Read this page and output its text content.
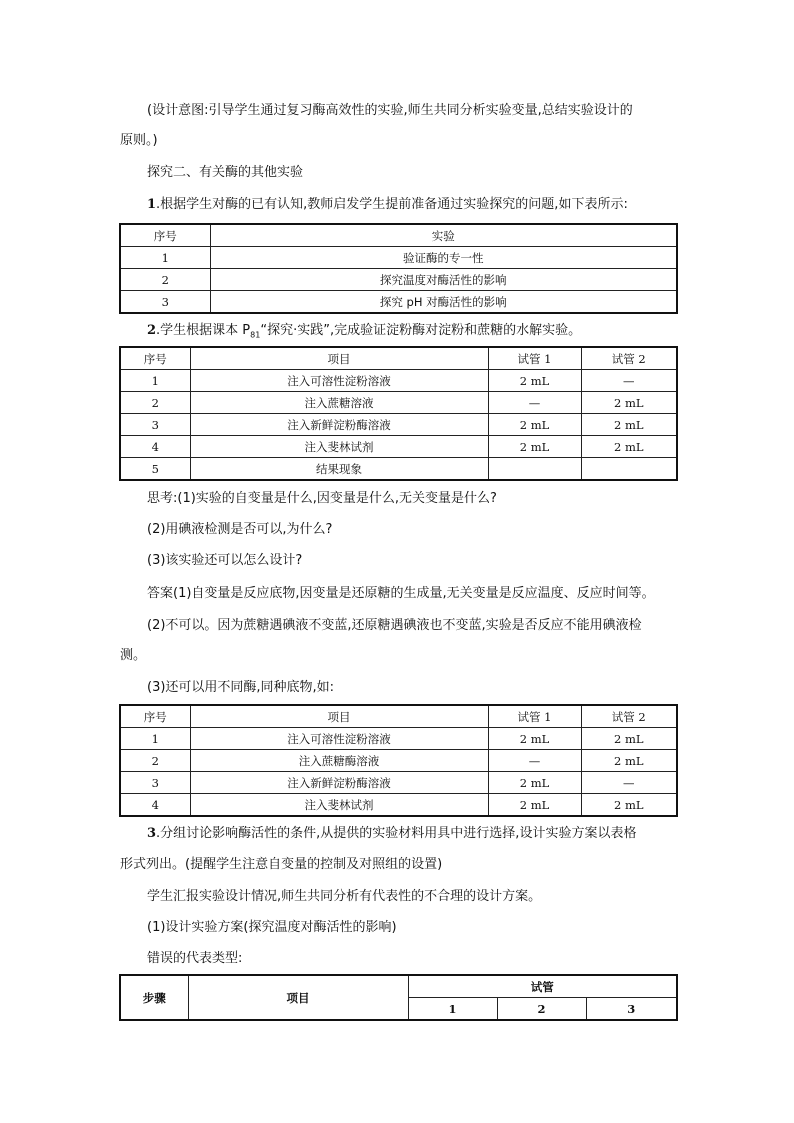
(设计意图:引导学生通过复习酶高效性的实验,师生共同分析实验变量,总结实验设计的
原则。)
探究二、有关酶的其他实验
1.根据学生对酶的已有认知,教师启发学生提前准备通过实验探究的问题,如下表所示:
序号	实验
1	验证酶的专一性
2	探究温度对酶活性的影响
3	探究 pH 对酶活性的影响
2.学生根据课本 $P_{81}“$探究·实践”,完成验证淀粉酶对淀粉和蔗糖的水解实验。
序号	项目	试管 1	试管 2
1	注入可溶性淀粉溶液	2 mL	—
2	注入蔗糖溶液	—	2 mL
3	注入新鲜淀粉酶溶液	2 mL	2 mL
4	注入斐林试剂	2 mL	2 mL
5	结果现象		
思考:(1)实验的自变量是什么,因变量是什么,无关变量是什么?
(2)用碘液检测是否可以,为什么?
(3)该实验还可以怎么设计?
答案(1)自变量是反应底物,因变量是还原糖的生成量,无关变量是反应温度、反应时间等。
(2)不可以。因为蔗糖遇碘液不变蓝,还原糖遇碘液也不变蓝,实验是否反应不能用碘液检
测。
(3)还可以用不同酶,同种底物,如:
序号	项目	试管 1	试管 2
1	注入可溶性淀粉溶液	2 mL	2 mL
2	注入蔗糖酶溶液	—	2 mL
3	注入新鲜淀粉酶溶液	2 mL	—
4	注入斐林试剂	2 mL	2 mL
3.分组讨论影响酶活性的条件,从提供的实验材料用具中进行选择,设计实验方案以表格
形式列出。(提醒学生注意自变量的控制及对照组的设置)
学生汇报实验设计情况,师生共同分析有代表性的不合理的设计方案。
(1)设计实验方案(探究温度对酶活性的影响)
错误的代表类型:
步骤	项目	试管		
		1	2	3
